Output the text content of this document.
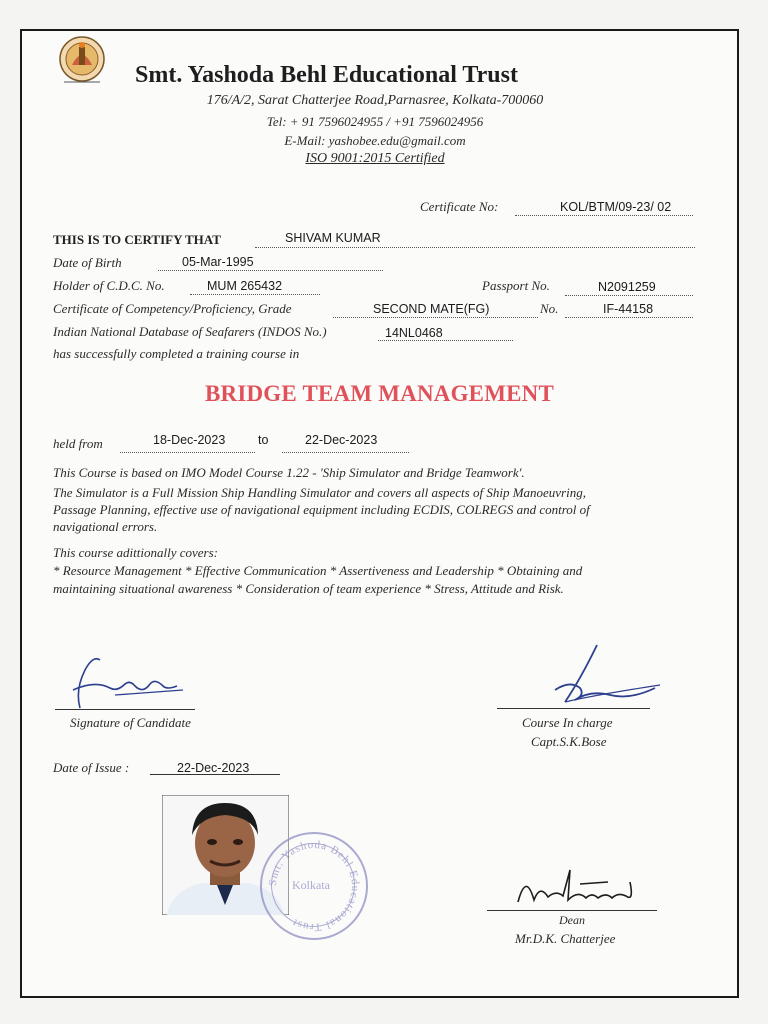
Smt. Yashoda Behl Educational Trust
176/A/2, Sarat Chatterjee Road,Parnasree, Kolkata-700060
Tel: + 91 7596024955 / +91 7596024956
E-Mail: yashobee.edu@gmail.com
ISO 9001:2015 Certified
Certificate No:	KOL/BTM/09-23/ 02
THIS IS TO CERTIFY THAT	SHIVAM KUMAR
Date of Birth	05-Mar-1995
Holder of C.D.C. No.	MUM 265432	Passport No.	N2091259
Certificate of Competency/Proficiency, Grade	SECOND MATE(FG)	No.	IF-44158
Indian National Database of Seafarers (INDOS No.)	14NL0468
has successfully completed a training course in
BRIDGE TEAM MANAGEMENT
held from	18-Dec-2023	to	22-Dec-2023
This Course is based on IMO Model Course 1.22 - 'Ship Simulator and Bridge Teamwork'.
The Simulator is a Full Mission Ship Handling Simulator and covers all aspects of Ship Manoeuvring,
Passage Planning, effective use of navigational equipment including ECDIS, COLREGS and control of
navigational errors.
This course adittionally covers:
* Resource Management * Effective Communication * Assertiveness and Leadership * Obtaining and
maintaining situational awareness * Consideration of team experience * Stress, Attitude and Risk.
Signature of Candidate	Course In charge
Capt.S.K.Bose
Date of Issue :	22-Dec-2023
Smt. Yashoda Behl Educational Trust
Kolkata
Dean
Mr.D.K. Chatterjee
